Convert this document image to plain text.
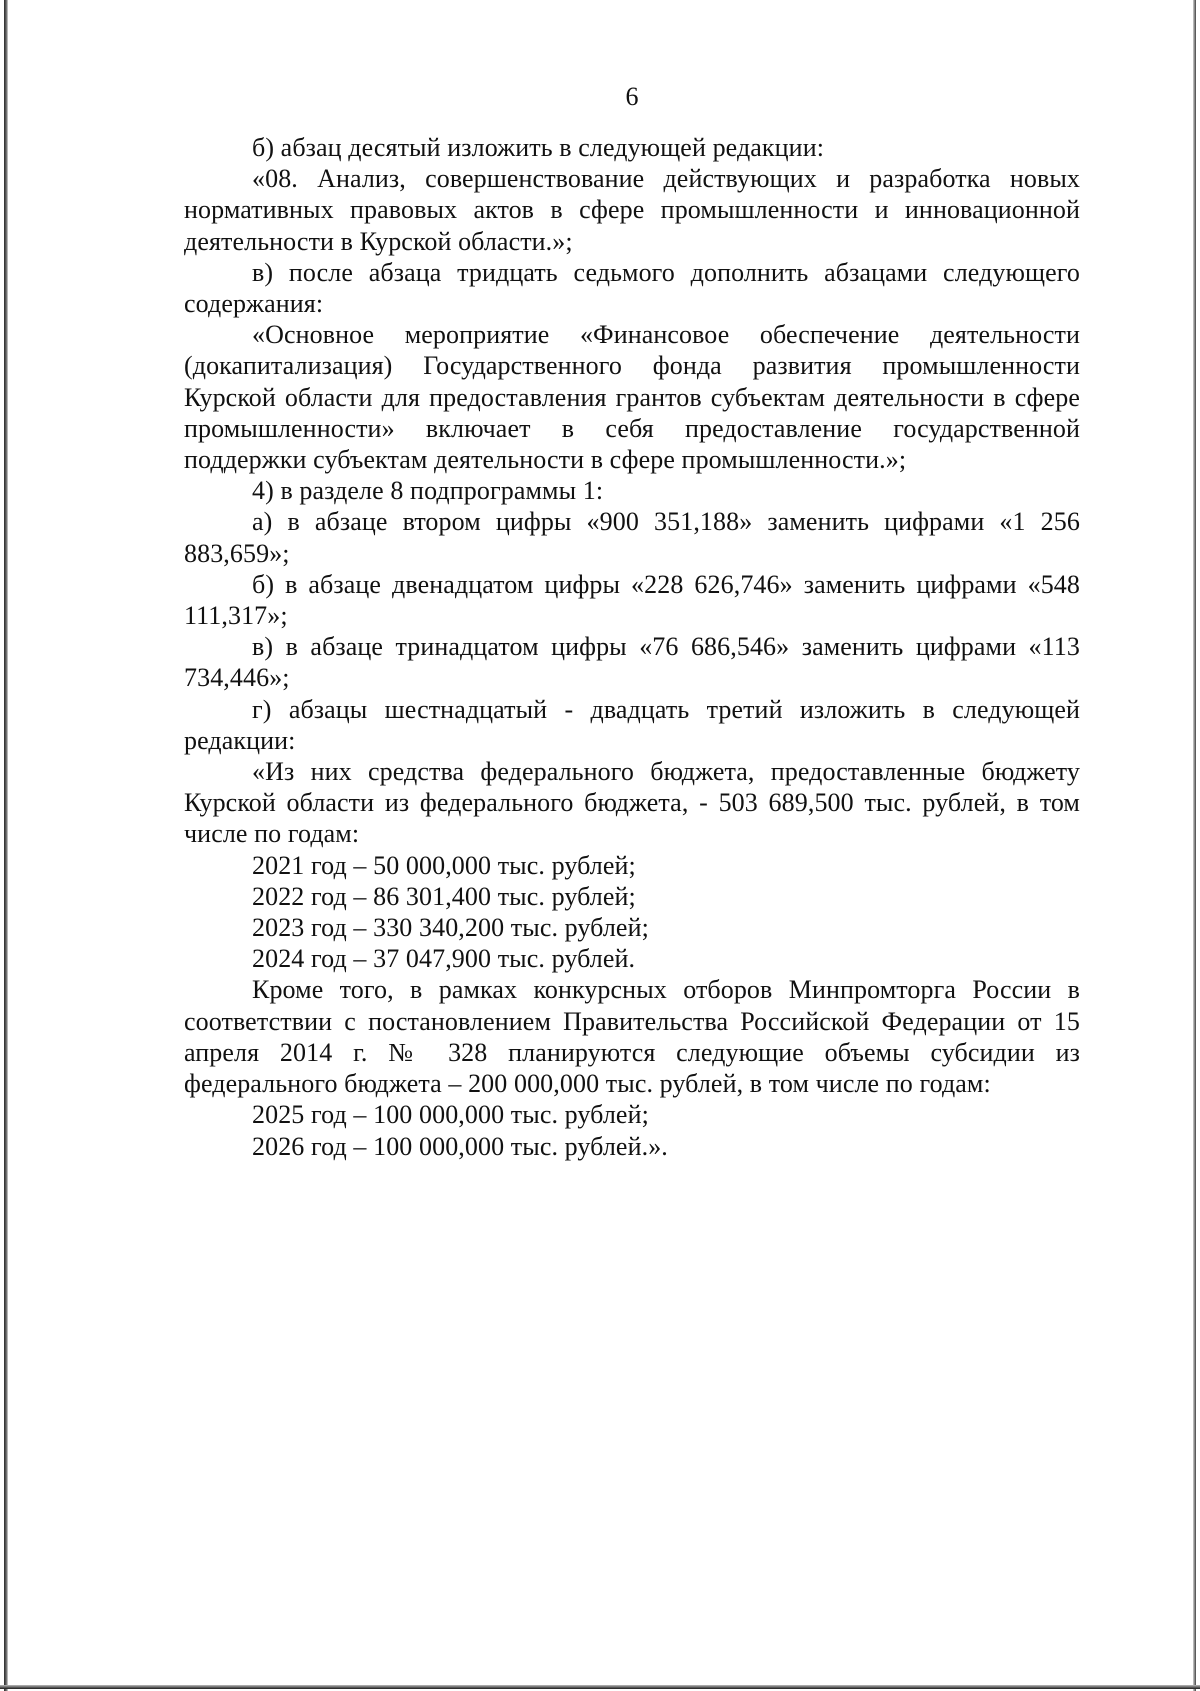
6

б) абзац десятый изложить в следующей редакции:

«08. Анализ, совершенствование действующих и разработка новых нормативных правовых актов в сфере промышленности и инновационной деятельности в Курской области.»;

в) после абзаца тридцать седьмого дополнить абзацами следующего содержания:

«Основное мероприятие «Финансовое обеспечение деятельности (докапитализация) Государственного фонда развития промышленности Курской области для предоставления грантов субъектам деятельности в сфере промышленности» включает в себя предоставление государственной поддержки субъектам деятельности в сфере промышленности.»;

4) в разделе 8 подпрограммы 1:

а) в абзаце втором цифры «900 351,188» заменить цифрами «1 256 883,659»;

б) в абзаце двенадцатом цифры «228 626,746» заменить цифрами «548 111,317»;

в) в абзаце тринадцатом цифры «76 686,546» заменить цифрами «113 734,446»;

г) абзацы шестнадцатый - двадцать третий изложить в следующей редакции:

«Из них средства федерального бюджета, предоставленные бюджету Курской области из федерального бюджета, - 503 689,500 тыс. рублей, в том числе по годам:

2021 год – 50 000,000 тыс. рублей;

2022 год – 86 301,400 тыс. рублей;

2023 год – 330 340,200 тыс. рублей;

2024 год – 37 047,900 тыс. рублей.

Кроме того, в рамках конкурсных отборов Минпромторга России в соответствии с постановлением Правительства Российской Федерации от 15 апреля 2014 г. № 328 планируются следующие объемы субсидии из федерального бюджета – 200 000,000 тыс. рублей, в том числе по годам:

2025 год – 100 000,000 тыс. рублей;

2026 год – 100 000,000 тыс. рублей.».
